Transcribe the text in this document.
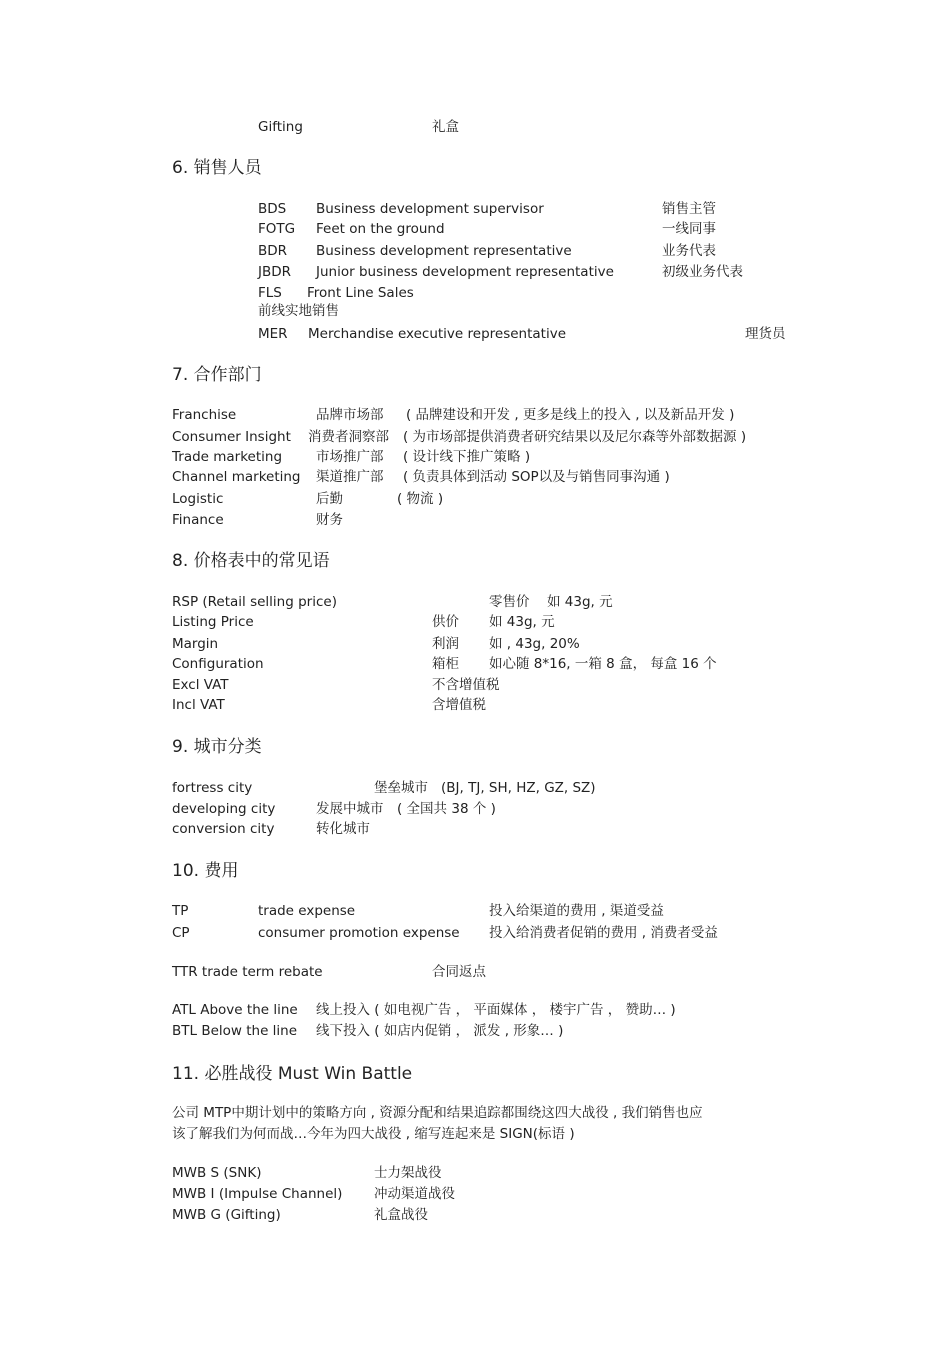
Gifting	礼盒
6. 销售人员
BDS Business development supervisor	销售主管
FOTG Feet on the ground	一线同事
BDR Business development representative	业务代表
JBDR Junior business development representative	初级业务代表
FLS Front Line Sales
前线实地销售
MER Merchandise executive representative	理货员
7. 合作部门
Franchise	品牌市场部 ( 品牌建设和开发 , 更多是线上的投入 , 以及新品开发 )
Consumer Insight 消费者洞察部 ( 为市场部提供消费者研究结果以及尼尔森等外部数据源 )
Trade marketing	市场推广部 ( 设计线下推广策略 )
Channel marketing 渠道推广部 ( 负责具体到活动 SOP以及与销售同事沟通 )
Logistic	后勤	( 物流 )
Finance	财务
8. 价格表中的常见语
RSP (Retail selling price)	零售价 如 43g, 元
Listing Price	供价 如 43g, 元
Margin	利润 如 , 43g, 20%
Configuration	箱柜 如心随 8*16, 一箱 8 盒， 每盒 16 个
Excl VAT	不含增值税
Incl VAT	含增值税
9. 城市分类
fortress city	堡垒城市 (BJ, TJ, SH, HZ, GZ, SZ)
developing city	发展中城市 ( 全国共 38 个 )
conversion city	转化城市
10. 费用
TP	trade expense	投入给渠道的费用 , 渠道受益
CP	consumer promotion expense 投入给消费者促销的费用 , 消费者受益
TTR trade term rebate	合同返点
ATL Above the line 线上投入 ( 如电视广告 ， 平面媒体 ， 楼宇广告 ， 赞助… )
BTL Below the line 线下投入 ( 如店内促销 ， 派发 , 形象… )
11. 必胜战役 Must Win Battle
公司 MTP中期计划中的策略方向 , 资源分配和结果追踪都围绕这四大战役 , 我们销售也应
该了解我们为何而战…今年为四大战役 , 缩写连起来是 SIGN(标语 )
MWB S (SNK)	士力架战役
MWB I (Impulse Channel) 冲动渠道战役
MWB G (Gifting)	礼盒战役
